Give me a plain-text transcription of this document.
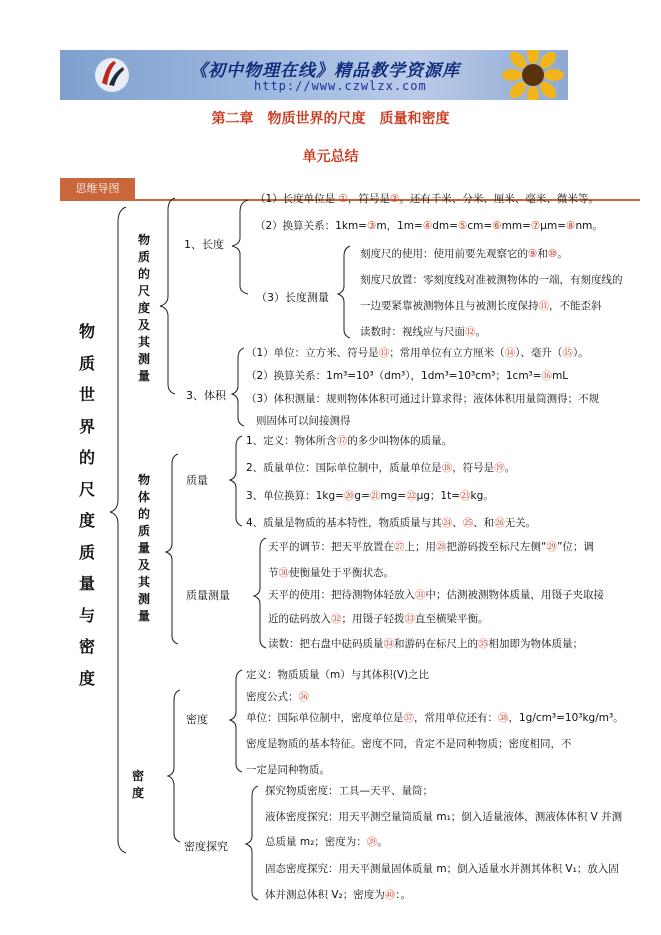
《初中物理在线》精品教学资源库
http://www.czwlzx.com
第二章　物质世界的尺度　质量和密度
单元总结
思维导图
物质世界的尺度质量与密度
物质的尺度及其测量
1、长度
（1）长度单位是 ①，符号是②。还有千米、分米、厘米、毫米、微米等。
（2）换算关系：1km=③m，1m=④dm=⑤cm=⑥mm=⑦μm=⑧nm。
（3）长度测量
刻度尺的使用：使用前要先观察它的⑨和⑩。
刻度尺放置：零刻度线对准被测物体的一端，有刻度线的
一边要紧靠被测物体且与被测长度保持⑪，不能歪斜
读数时：视线应与尺面⑫。
3、体积
（1）单位：立方米、符号是⑬；常用单位有立方厘米（⑭）、毫升（⑮）。
（2）换算关系：1m³=10³（dm³），1dm³=10³cm³；1cm³=⑯mL
（3）体积测量：规则物体体积可通过计算求得；液体体积用量筒测得；不规
则固体可以间接测得
物体的质量及其测量
质量
1、定义：物体所含⑰的多少叫物体的质量。
2、质量单位：国际单位制中，质量单位是⑱，符号是⑲。
3、单位换算：1kg=⑳g=㉑mg=㉒μg；1t=㉓kg。
4、质量是物质的基本特性，物质质量与其㉔、㉕、和㉖无关。
质量测量
天平的调节：把天平放置在㉗上；用㉘把游码拨至标尺左侧“㉙”位；调
节㉚使衡量处于平衡状态。
天平的使用：把待测物体轻放入㉛中；估测被测物体质量，用镊子夹取接
近的砝码放入㉜；用镊子轻拨㉝直至横梁平衡。
读数：把右盘中砝码质量㉞和游码在标尺上的㉟相加即为物体质量；
密度
密度
定义：物质质量（m）与其体积(V)之比
密度公式：㊱
单位：国际单位制中，密度单位是㊲，常用单位还有：㊳，1g/cm³=10³kg/m³。
密度是物质的基本特征。密度不同，肯定不是同种物质；密度相同，不
一定是同种物质。
密度探究
探究物质密度：工具—天平、量筒；
液体密度探究：用天平测空量筒质量 m₁；倒入适量液体，测液体体积 V 并测
总质量 m₂；密度为：㊴。
固态密度探究：用天平测量固体质量 m；倒入适量水并测其体积 V₁；放入固
体并测总体积 V₂；密度为㊵：。
